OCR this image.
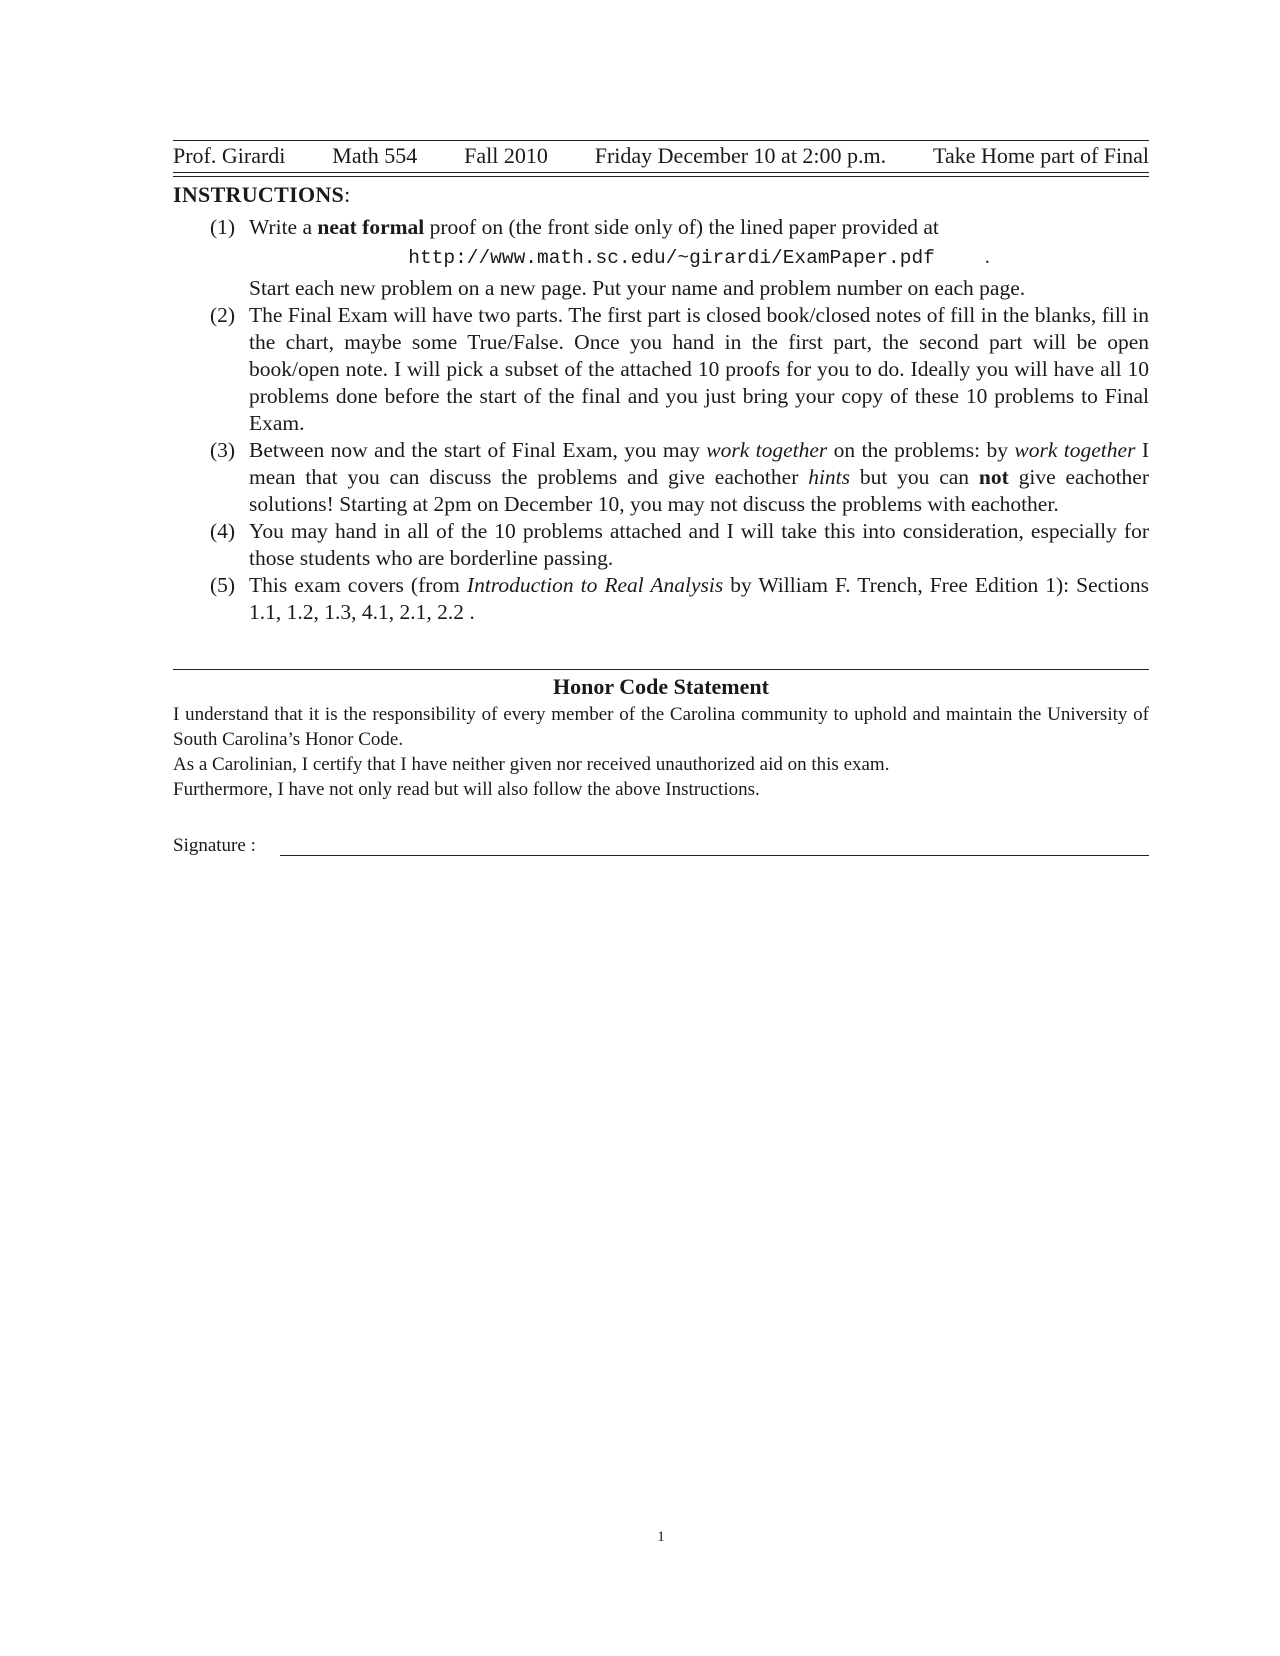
Prof. Girardi Math 554 Fall 2010 Friday December 10 at 2:00 p.m. Take Home part of Final
INSTRUCTIONS:
(1) Write a neat formal proof on (the front side only of) the lined paper provided at

http://www.math.sc.edu/~girardi/ExamPaper.pdf	.

Start each new problem on a new page. Put your name and problem number on each page.

(2) The Final Exam will have two parts. The first part is closed book/closed notes of fill in the blanks, fill in the chart, maybe some True/False. Once you hand in the first part, the second part will be open book/open note. I will pick a subset of the attached 10 proofs for you to do. Ideally you will have all 10 problems done before the start of the final and you just bring your copy of these 10 problems to Final Exam.

(3) Between now and the start of Final Exam, you may work together on the problems: by work together I mean that you can discuss the problems and give eachother hints but you can not give eachother solutions! Starting at 2pm on December 10, you may not discuss the problems with eachother.

(4) You may hand in all of the 10 problems attached and I will take this into consideration, especially for those students who are borderline passing.

(5) This exam covers (from Introduction to Real Analysis by William F. Trench, Free Edition 1): Sections 1.1, 1.2, 1.3, 4.1, 2.1, 2.2 .

Honor Code Statement

I understand that it is the responsibility of every member of the Carolina community to uphold and maintain the University of South Carolina’s Honor Code.

As a Carolinian, I certify that I have neither given nor received unauthorized aid on this exam.

Furthermore, I have not only read but will also follow the above Instructions.

Signature :
1
